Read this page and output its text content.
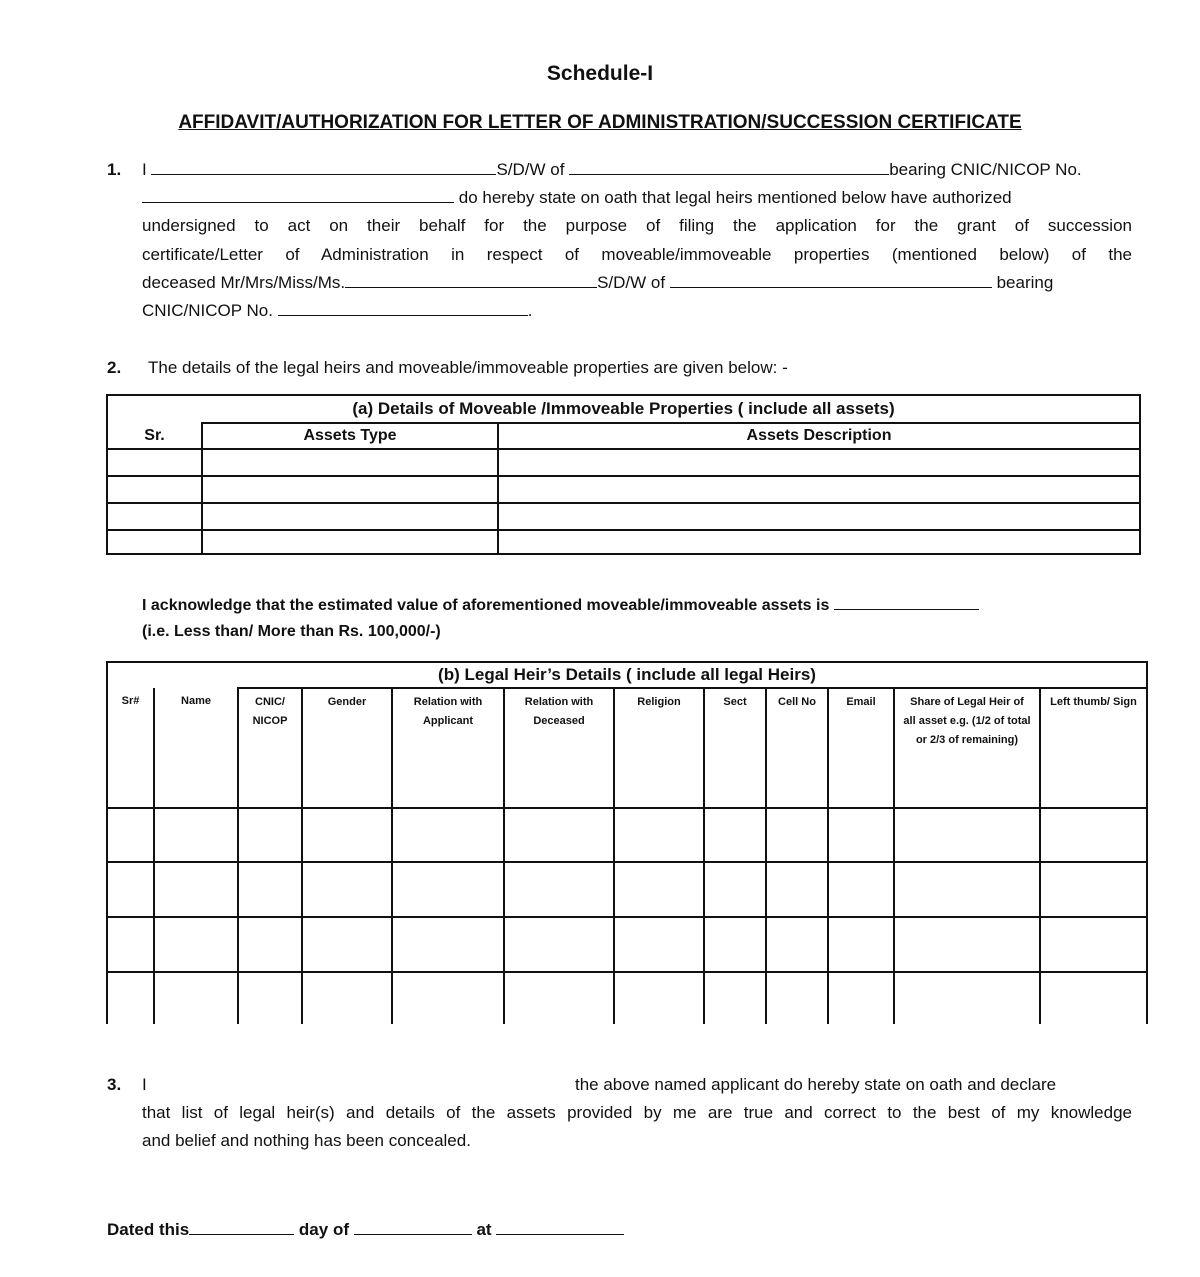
Schedule-I
AFFIDAVIT/AUTHORIZATION FOR LETTER OF ADMINISTRATION/SUCCESSION CERTIFICATE
1. I	S/D/W of	bearing CNIC/NICOP No.
do hereby state on oath that legal heirs mentioned below have authorized
undersigned to act on their behalf for the purpose of filing the application for the grant of succession
certificate/Letter of Administration in respect of moveable/immoveable properties (mentioned below) of the
deceased Mr/Mrs/Miss/Ms.	S/D/W of	bearing
CNIC/NICOP No.	.
2. The details of the legal heirs and moveable/immoveable properties are given below: -
(a) Details of Moveable /Immoveable Properties ( include all assets)		
Sr.	Assets Type	Assets Description

I acknowledge that the estimated value of aforementioned moveable/immoveable assets is
(i.e. Less than/ More than Rs. 100,000/-)
(b) Legal Heir’s Details ( include all legal Heirs)											
Sr#	Name	CNIC/ NICOP	Gender	Relation with Applicant	Relation with Deceased	Religion	Sect	Cell No	Email	Share of Legal Heir of all asset e.g. (1/2 of total or 2/3 of remaining)	Left thumb/ Sign

3. I	the above named applicant do hereby state on oath and declare
that list of legal heir(s) and details of the assets provided by me are true and correct to the best of my knowledge
and belief and nothing has been concealed.
Dated this	day of	at
